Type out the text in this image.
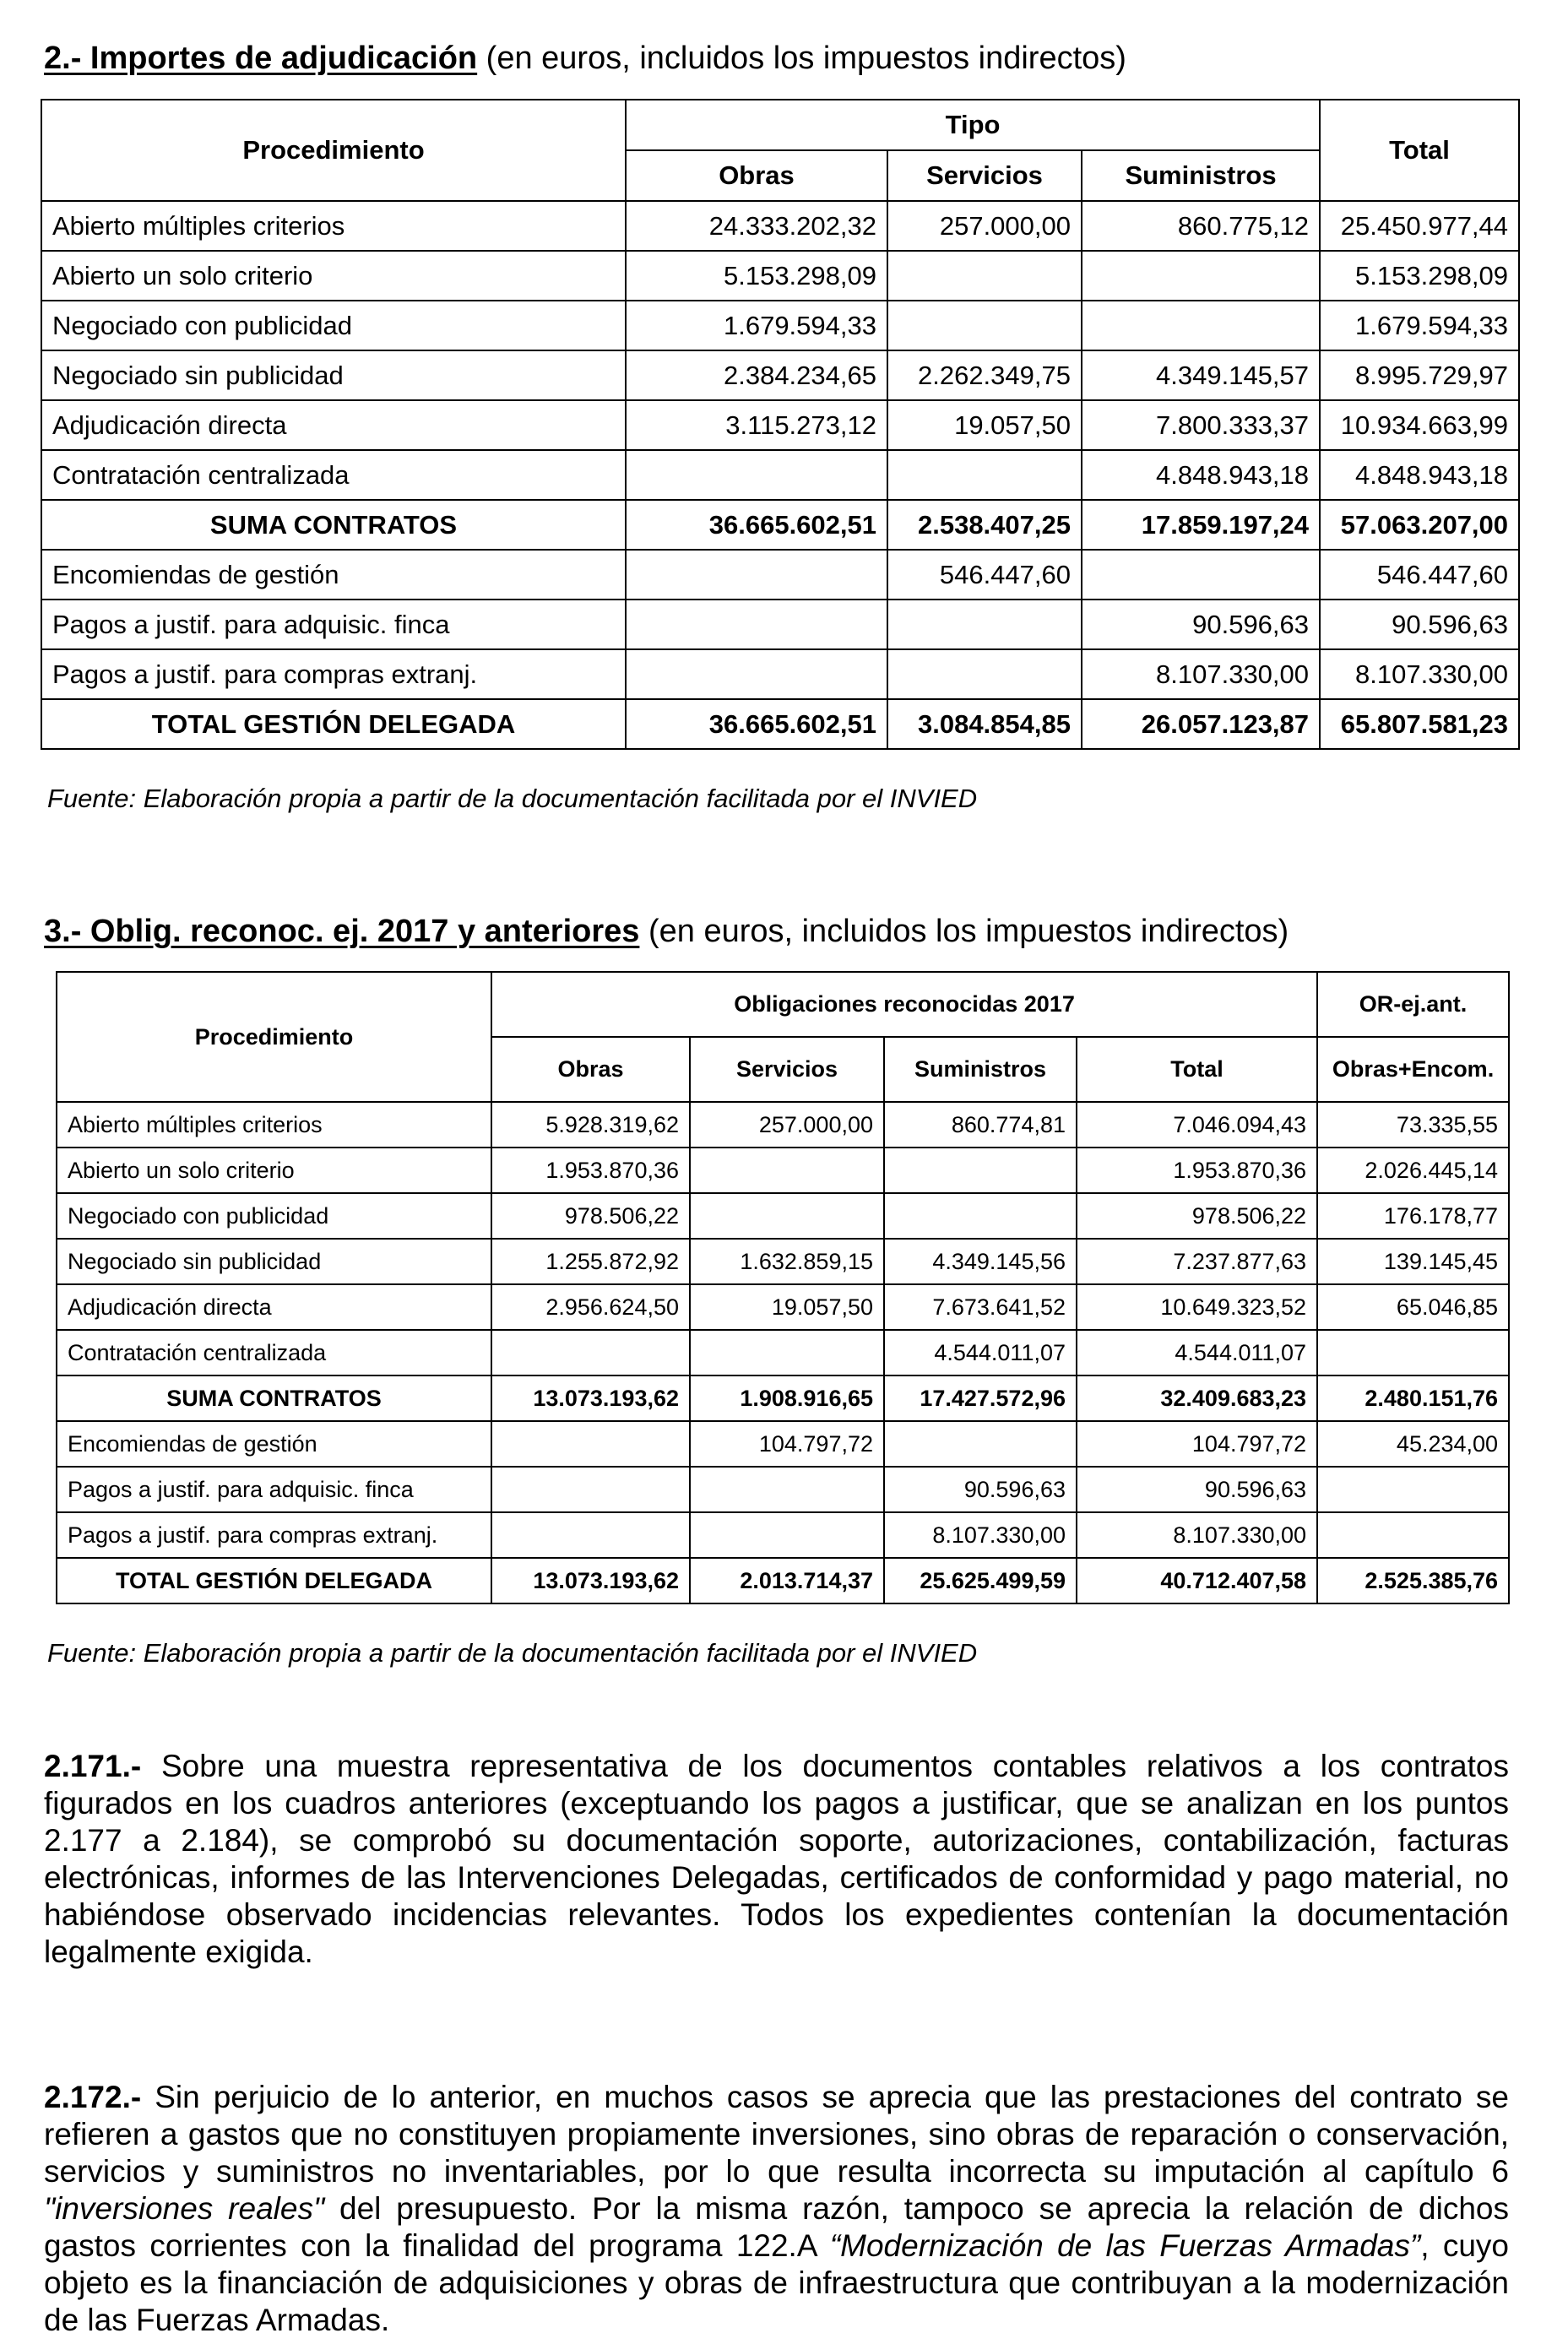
2.- Importes de adjudicación (en euros, incluidos los impuestos indirectos)
Procedimiento	Tipo			Total
	Obras	Servicios	Suministros	
Abierto múltiples criterios	24.333.202,32	257.000,00	860.775,12	25.450.977,44
Abierto un solo criterio	5.153.298,09			5.153.298,09
Negociado con publicidad	1.679.594,33			1.679.594,33
Negociado sin publicidad	2.384.234,65	2.262.349,75	4.349.145,57	8.995.729,97
Adjudicación directa	3.115.273,12	19.057,50	7.800.333,37	10.934.663,99
Contratación centralizada			4.848.943,18	4.848.943,18
SUMA CONTRATOS	36.665.602,51	2.538.407,25	17.859.197,24	57.063.207,00
Encomiendas de gestión		546.447,60		546.447,60
Pagos a justif. para adquisic. finca			90.596,63	90.596,63
Pagos a justif. para compras extranj.			8.107.330,00	8.107.330,00
TOTAL GESTIÓN DELEGADA	36.665.602,51	3.084.854,85	26.057.123,87	65.807.581,23
Fuente: Elaboración propia a partir de la documentación facilitada por el INVIED
3.- Oblig. reconoc. ej. 2017 y anteriores (en euros, incluidos los impuestos indirectos)
Procedimiento	Obligaciones reconocidas 2017				OR-ej.ant.
	Obras	Servicios	Suministros	Total	Obras+Encom.
Abierto múltiples criterios	5.928.319,62	257.000,00	860.774,81	7.046.094,43	73.335,55
Abierto un solo criterio	1.953.870,36			1.953.870,36	2.026.445,14
Negociado con publicidad	978.506,22			978.506,22	176.178,77
Negociado sin publicidad	1.255.872,92	1.632.859,15	4.349.145,56	7.237.877,63	139.145,45
Adjudicación directa	2.956.624,50	19.057,50	7.673.641,52	10.649.323,52	65.046,85
Contratación centralizada			4.544.011,07	4.544.011,07	
SUMA CONTRATOS	13.073.193,62	1.908.916,65	17.427.572,96	32.409.683,23	2.480.151,76
Encomiendas de gestión		104.797,72		104.797,72	45.234,00
Pagos a justif. para adquisic. finca			90.596,63	90.596,63	
Pagos a justif. para compras extranj.			8.107.330,00	8.107.330,00	
TOTAL GESTIÓN DELEGADA	13.073.193,62	2.013.714,37	25.625.499,59	40.712.407,58	2.525.385,76
Fuente: Elaboración propia a partir de la documentación facilitada por el INVIED
2.171.- Sobre una muestra representativa de los documentos contables relativos a los contratos figurados en los cuadros anteriores (exceptuando los pagos a justificar, que se analizan en los puntos 2.177 a 2.184), se comprobó su documentación soporte, autorizaciones, contabilización, facturas electrónicas, informes de las Intervenciones Delegadas, certificados de conformidad y pago material, no habiéndose observado incidencias relevantes. Todos los expedientes contenían la documentación legalmente exigida.
2.172.- Sin perjuicio de lo anterior, en muchos casos se aprecia que las prestaciones del contrato se refieren a gastos que no constituyen propiamente inversiones, sino obras de reparación o conservación, servicios y suministros no inventariables, por lo que resulta incorrecta su imputación al capítulo 6 "inversiones reales" del presupuesto. Por la misma razón, tampoco se aprecia la relación de dichos gastos corrientes con la finalidad del programa 122.A “Modernización de las Fuerzas Armadas”, cuyo objeto es la financiación de adquisiciones y obras de infraestructura que contribuyan a la modernización de las Fuerzas Armadas.
